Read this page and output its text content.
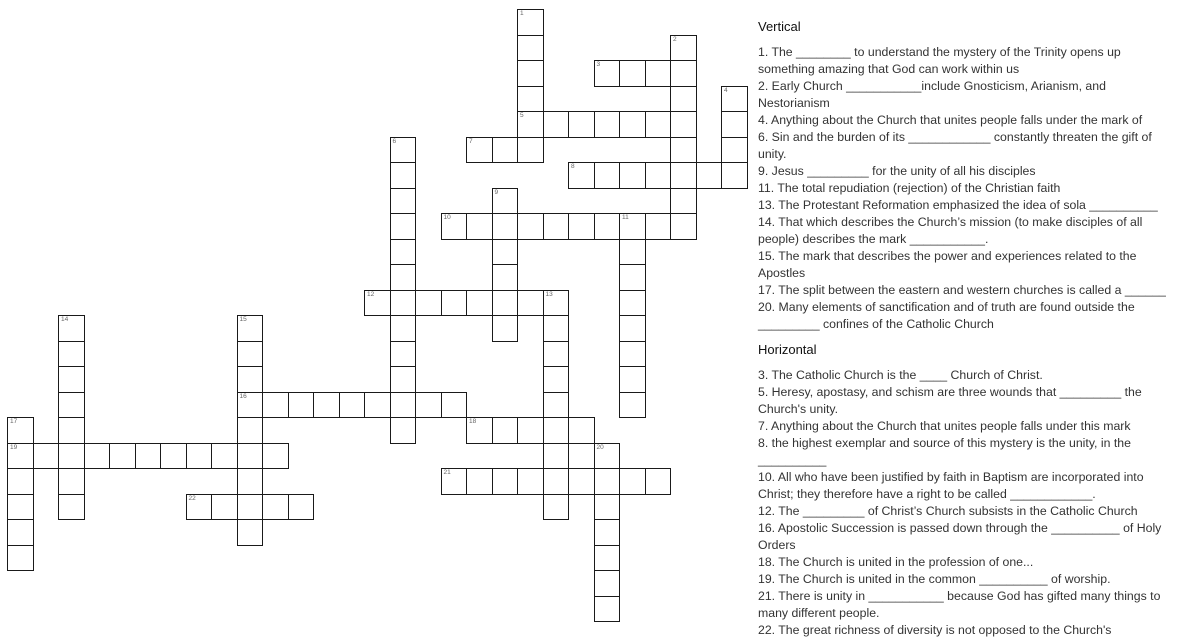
1
5
2
3
4
6	7
8
9
10	11
12	13
14	15
16
17
19
18
20
21
22
Vertical
1. The ________ to understand the mystery of the Trinity opens up something amazing that God can work within us
2. Early Church ___________include Gnosticism, Arianism, and Nestorianism
4. Anything about the Church that unites people falls under the mark of
6. Sin and the burden of its ____________ constantly threaten the gift of unity.
9. Jesus _________ for the unity of all his disciples
11. The total repudiation (rejection) of the Christian faith
13. The Protestant Reformation emphasized the idea of sola __________
14. That which describes the Church’s mission (to make disciples of all people) describes the mark ___________.
15. The mark that describes the power and experiences related to the Apostles
17. The split between the eastern and western churches is called a ______
20. Many elements of sanctification and of truth are found outside the _________ confines of the Catholic Church
Horizontal
3. The Catholic Church is the ____ Church of Christ.
5. Heresy, apostasy, and schism are three wounds that _________ the Church's unity.
7. Anything about the Church that unites people falls under this mark
8. the highest exemplar and source of this mystery is the unity, in the __________
10. All who have been justified by faith in Baptism are incorporated into Christ; they therefore have a right to be called ____________.
12. The _________ of Christ’s Church subsists in the Catholic Church
16. Apostolic Succession is passed down through the __________ of Holy Orders
18. The Church is united in the profession of one...
19. The Church is united in the common __________ of worship.
21. There is unity in ___________ because God has gifted many things to many different people.
22. The great richness of diversity is not opposed to the Church's
